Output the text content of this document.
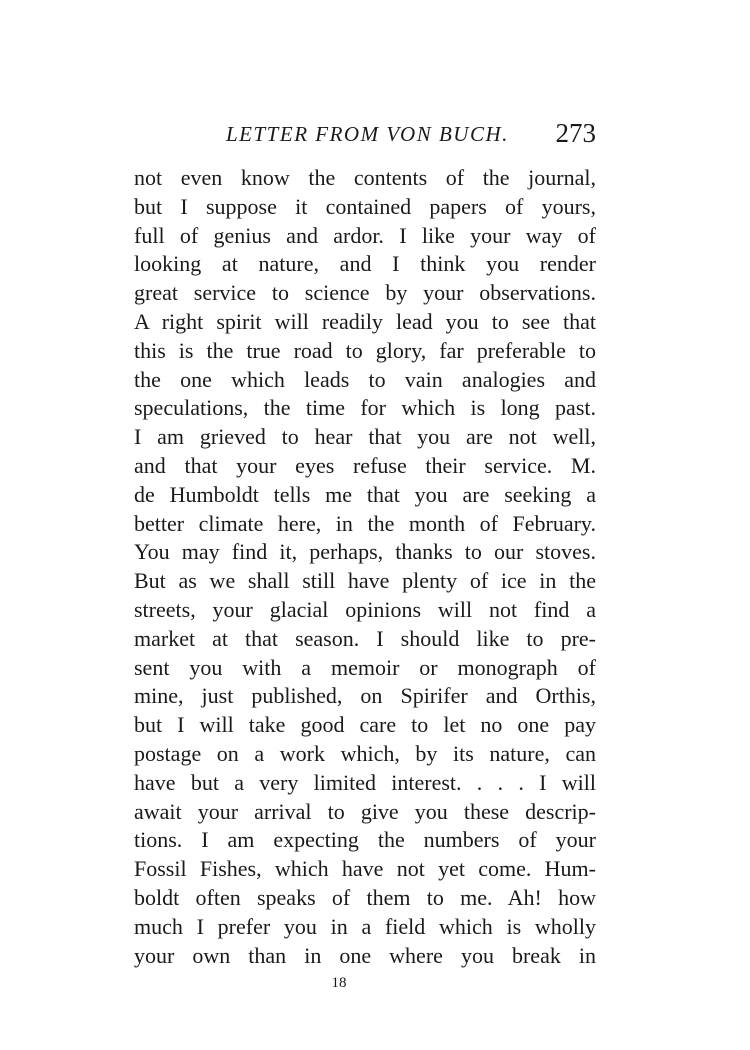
LETTER FROM VON BUCH. 273
not even know the contents of the journal,
but I suppose it contained papers of yours,
full of genius and ardor. I like your way of
looking at nature, and I think you render
great service to science by your observations.
A right spirit will readily lead you to see that
this is the true road to glory, far preferable to
the one which leads to vain analogies and
speculations, the time for which is long past.
I am grieved to hear that you are not well,
and that your eyes refuse their service. M.
de Humboldt tells me that you are seeking a
better climate here, in the month of February.
You may find it, perhaps, thanks to our stoves.
But as we shall still have plenty of ice in the
streets, your glacial opinions will not find a
market at that season. I should like to pre-
sent you with a memoir or monograph of
mine, just published, on Spirifer and Orthis,
but I will take good care to let no one pay
postage on a work which, by its nature, can
have but a very limited interest. . . . I will
await your arrival to give you these descrip-
tions. I am expecting the numbers of your
Fossil Fishes, which have not yet come. Hum-
boldt often speaks of them to me. Ah! how
much I prefer you in a field which is wholly
your own than in one where you break in
18
